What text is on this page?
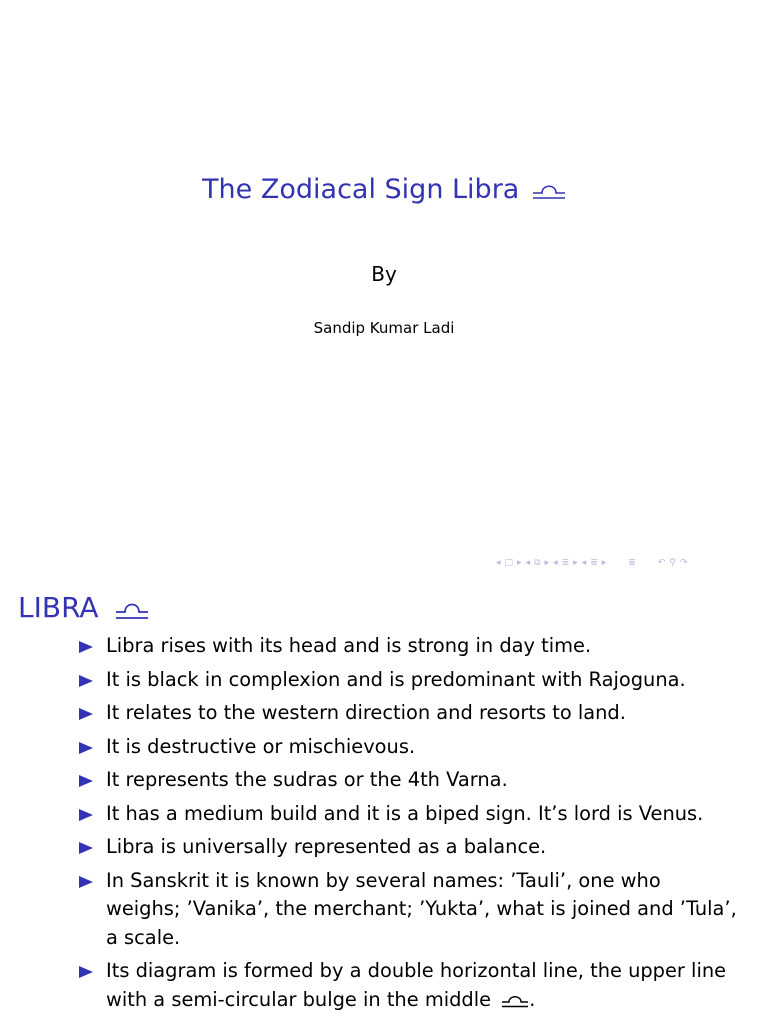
The Zodiacal Sign Libra
By
Sandip Kumar Ladi
◂ □ ▸ ◂ ⧉ ▸ ◂ ≣ ▸ ◂ ≣ ▸ ≣ ↶ ⚲ ↷
LIBRA
Libra rises with its head and is strong in day time.
It is black in complexion and is predominant with Rajoguna.
It relates to the western direction and resorts to land.
It is destructive or mischievous.
It represents the sudras or the 4th Varna.
It has a medium build and it is a biped sign. It’s lord is Venus.
Libra is universally represented as a balance.
In Sanskrit it is known by several names: ’Tauli’, one who weighs; ’Vanika’, the merchant; ’Yukta’, what is joined and ’Tula’, a scale.
Its diagram is formed by a double horizontal line, the upper line with a semi-circular bulge in the middle .
